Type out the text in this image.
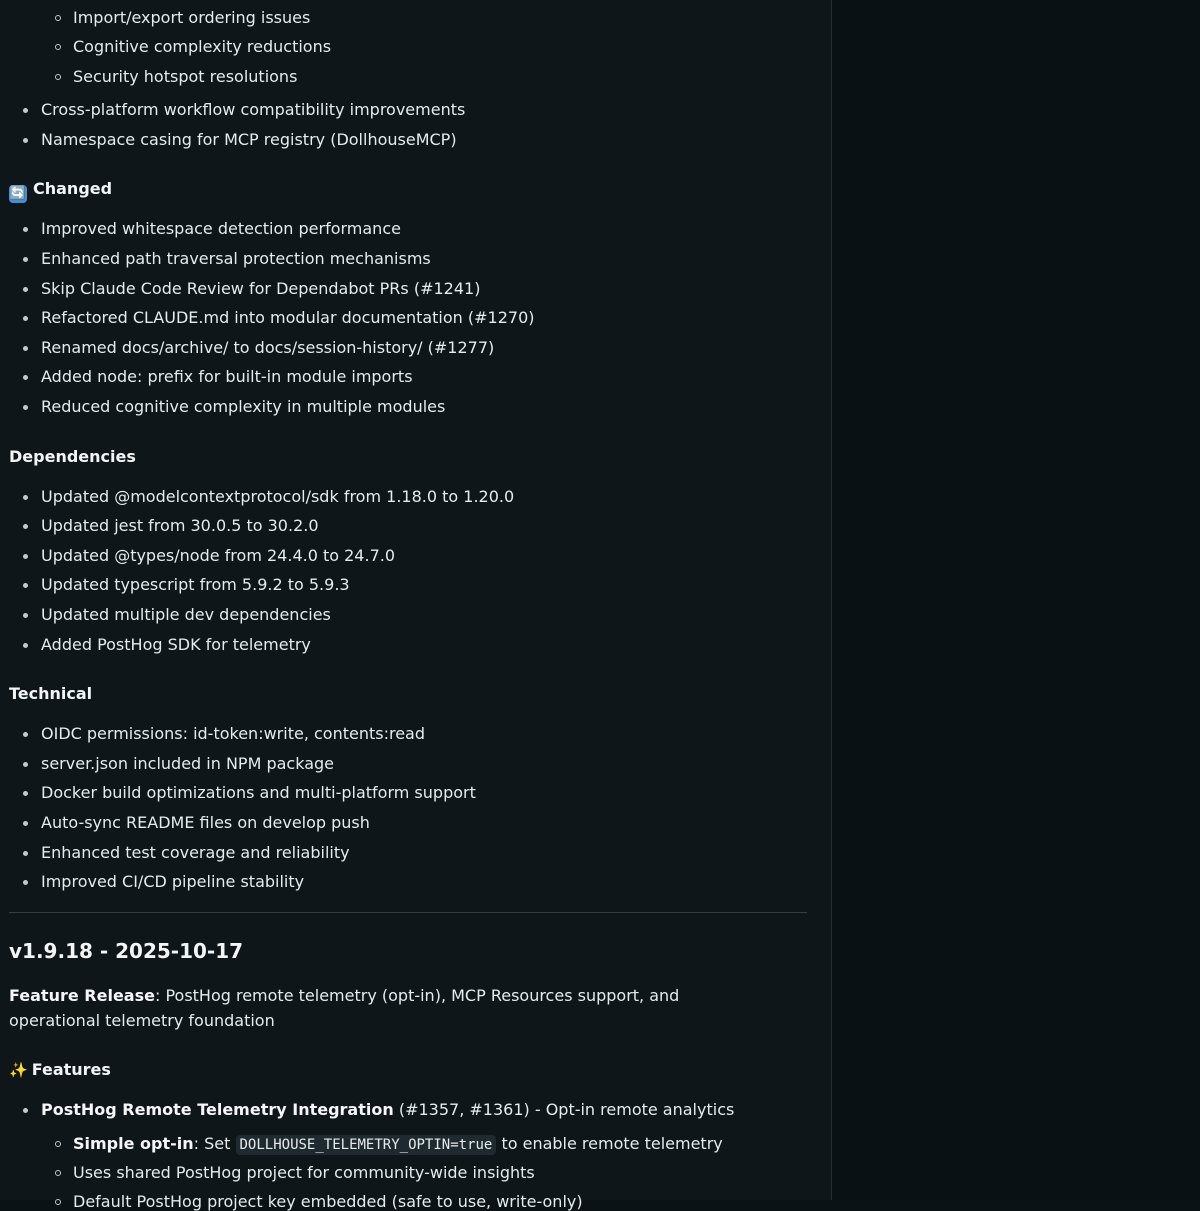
Import/export ordering issues
Cognitive complexity reductions
Security hotspot resolutions
Cross-platform workflow compatibility improvements
Namespace casing for MCP registry (DollhouseMCP)
🔄 Changed
Improved whitespace detection performance
Enhanced path traversal protection mechanisms
Skip Claude Code Review for Dependabot PRs (#1241)
Refactored CLAUDE.md into modular documentation (#1270)
Renamed docs/archive/ to docs/session-history/ (#1277)
Added node: prefix for built-in module imports
Reduced cognitive complexity in multiple modules
Dependencies
Updated @modelcontextprotocol/sdk from 1.18.0 to 1.20.0
Updated jest from 30.0.5 to 30.2.0
Updated @types/node from 24.4.0 to 24.7.0
Updated typescript from 5.9.2 to 5.9.3
Updated multiple dev dependencies
Added PostHog SDK for telemetry
Technical
OIDC permissions: id-token:write, contents:read
server.json included in NPM package
Docker build optimizations and multi-platform support
Auto-sync README files on develop push
Enhanced test coverage and reliability
Improved CI/CD pipeline stability
v1.9.18 - 2025-10-17
Feature Release: PostHog remote telemetry (opt-in), MCP Resources support, and operational telemetry foundation
✨ Features
PostHog Remote Telemetry Integration (#1357, #1361) - Opt-in remote analytics
Simple opt-in: Set DOLLHOUSE_TELEMETRY_OPTIN=true to enable remote telemetry
Uses shared PostHog project for community-wide insights
Default PostHog project key embedded (safe to use, write-only)
